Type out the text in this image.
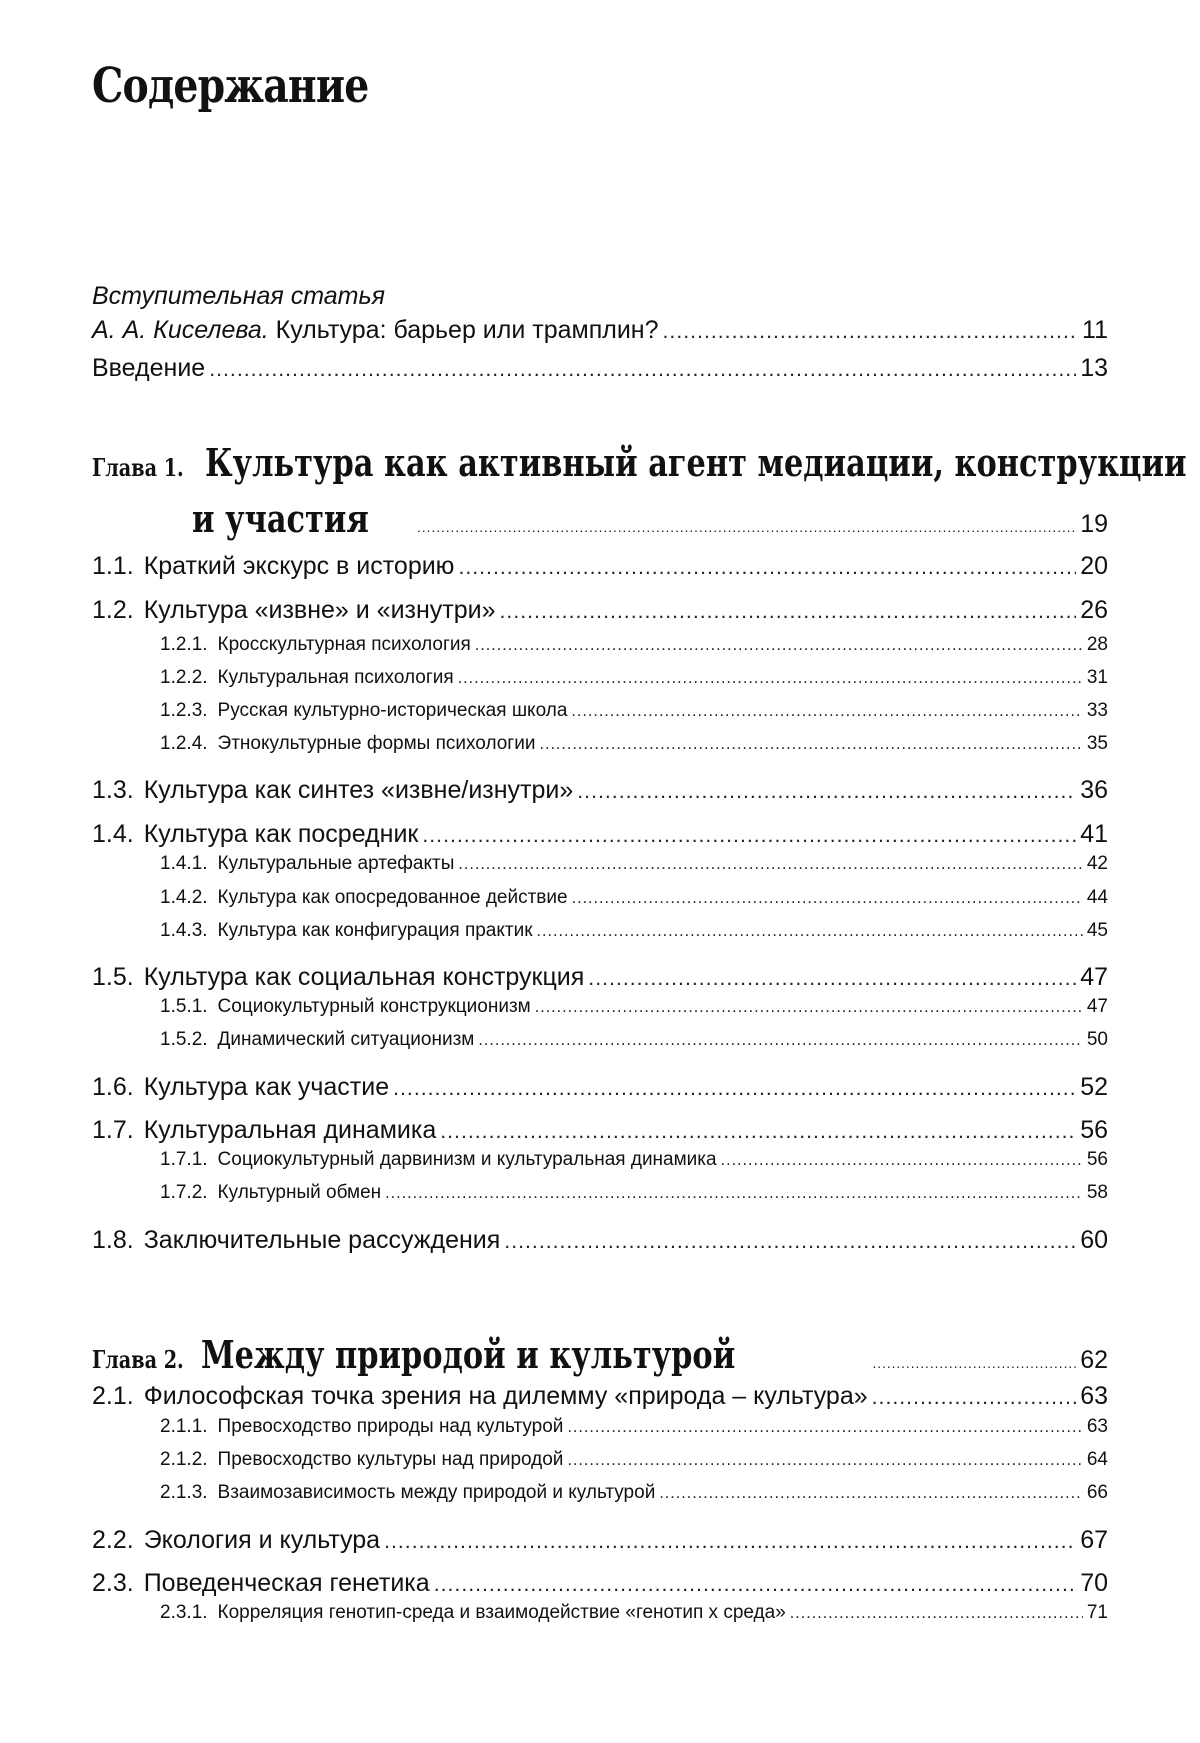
Содержание
Вступительная статья
А. А. Киселева. Культура: барьер или трамплин? .....	11
Введение .....	13
Глава 1. Культура как активный агент медиации, конструкции
и участия .....	19
1.1. Краткий экскурс в историю .....	20
1.2. Культура «извне» и «изнутри» .....	26
1.2.1. Кросскультурная психология .....	28
1.2.2. Культуральная психология .....	31
1.2.3. Русская культурно-историческая школа .....	33
1.2.4. Этнокультурные формы психологии .....	35
1.3. Культура как синтез «извне/изнутри» .....	36
1.4. Культура как посредник .....	41
1.4.1. Культуральные артефакты .....	42
1.4.2. Культура как опосредованное действие .....	44
1.4.3. Культура как конфигурация практик .....	45
1.5. Культура как социальная конструкция .....	47
1.5.1. Социокультурный конструкционизм .....	47
1.5.2. Динамический ситуационизм .....	50
1.6. Культура как участие .....	52
1.7. Культуральная динамика .....	56
1.7.1. Социокультурный дарвинизм и культуральная динамика .....	56
1.7.2. Культурный обмен .....	58
1.8. Заключительные рассуждения .....	60
Глава 2. Между природой и культурой .....	62
2.1. Философская точка зрения на дилемму «природа – культура» .....	63
2.1.1. Превосходство природы над культурой .....	63
2.1.2. Превосходство культуры над природой .....	64
2.1.3. Взаимозависимость между природой и культурой .....	66
2.2. Экология и культура .....	67
2.3. Поведенческая генетика .....	70
2.3.1. Корреляция генотип-среда и взаимодействие «генотип х среда» .....	71
